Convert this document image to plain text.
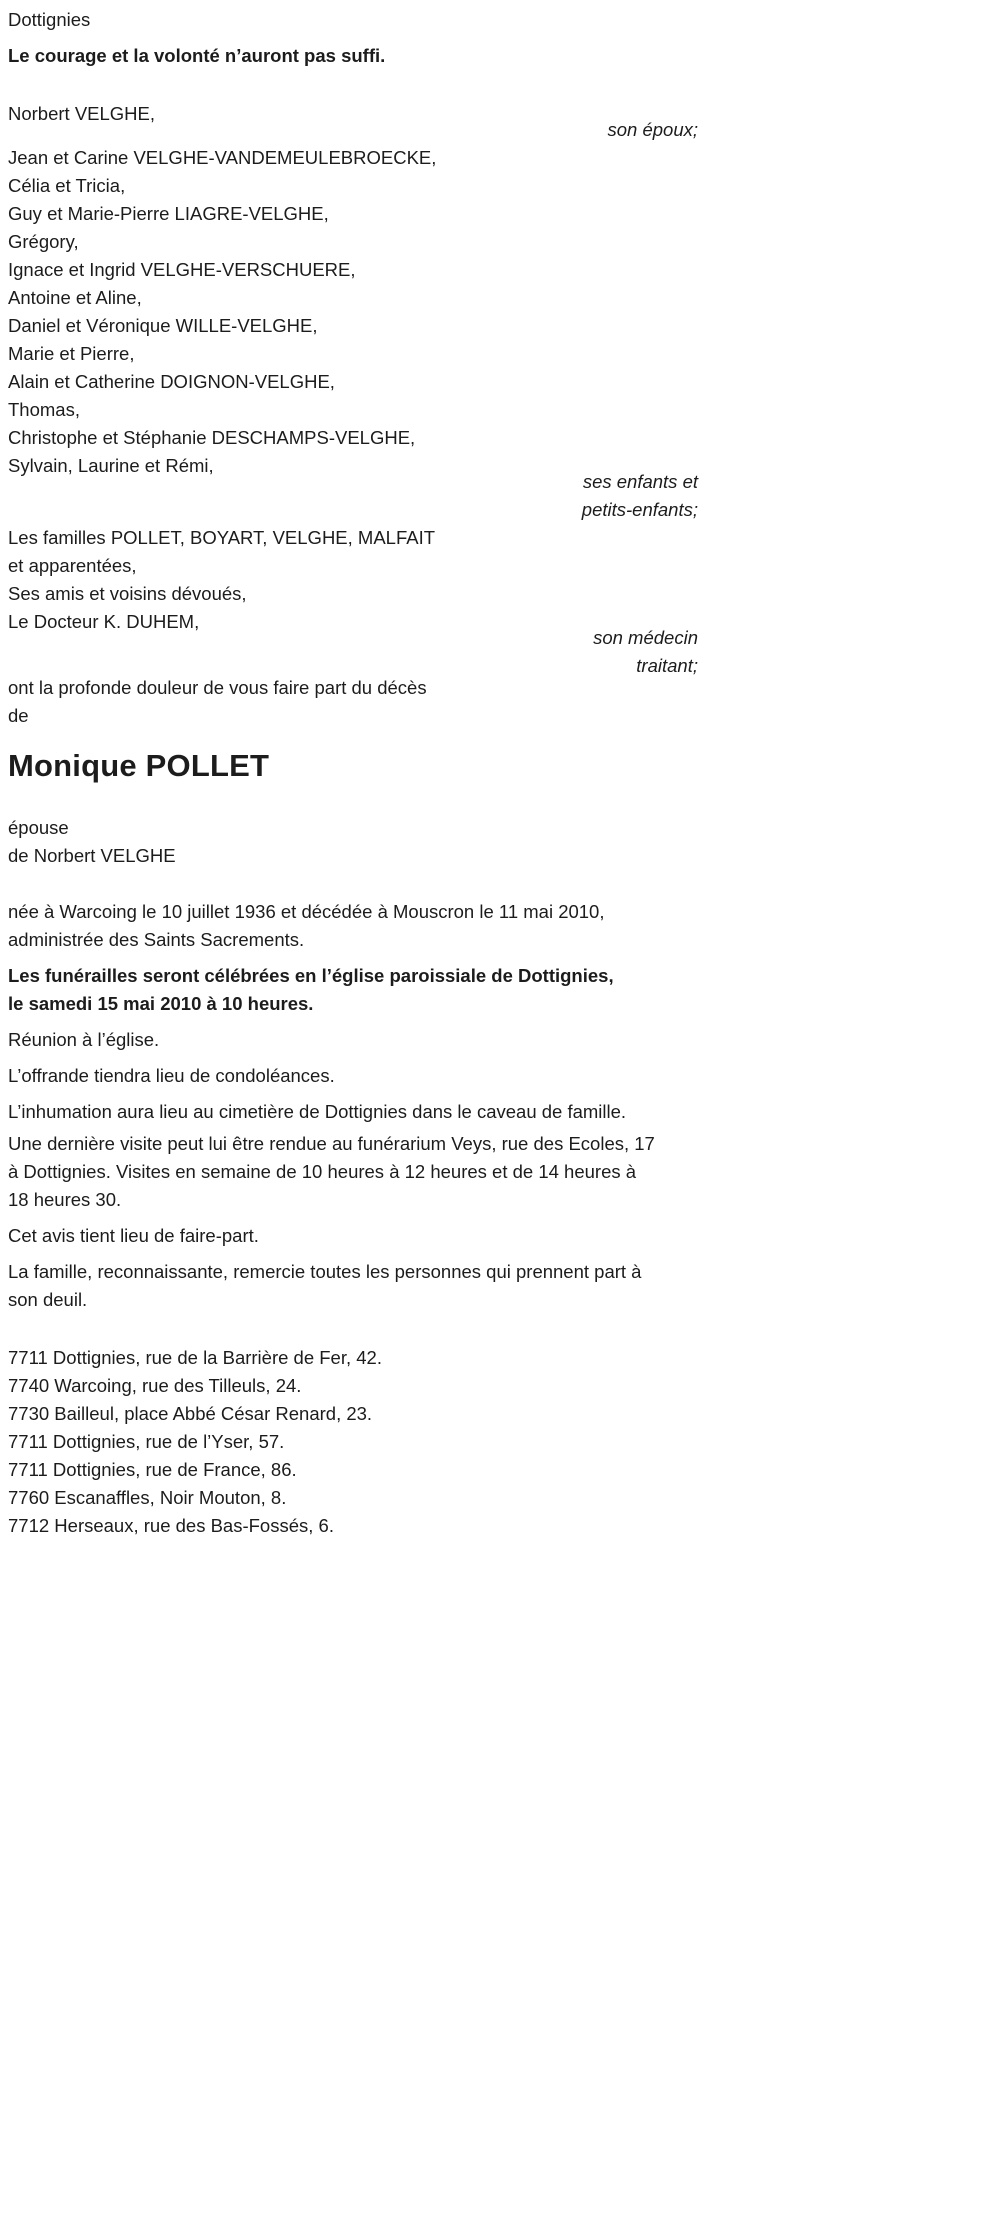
Dottignies

Le courage et la volonté n’auront pas suffi.

Norbert VELGHE,

son époux;
Jean et Carine VELGHE-VANDEMEULEBROECKE,
Célia et Tricia,
Guy et Marie-Pierre LIAGRE-VELGHE,
Grégory,
Ignace et Ingrid VELGHE-VERSCHUERE,
Antoine et Aline,
Daniel et Véronique WILLE-VELGHE,
Marie et Pierre,
Alain et Catherine DOIGNON-VELGHE,
Thomas,
Christophe et Stéphanie DESCHAMPS-VELGHE,
Sylvain, Laurine et Rémi,
ses enfants et
petits-enfants;
Les familles POLLET, BOYART, VELGHE, MALFAIT
et apparentées,
Ses amis et voisins dévoués,
Le Docteur K. DUHEM,
son médecin
traitant;
ont la profonde douleur de vous faire part du décès
de
Monique POLLET
épouse
de Norbert VELGHE

née à Warcoing le 10 juillet 1936 et décédée à Mouscron le 11 mai 2010, administrée des Saints Sacrements.

Les funérailles seront célébrées en l’église paroissiale de Dottignies,
le samedi 15 mai 2010 à 10 heures.

Réunion à l’église.

L’offrande tiendra lieu de condoléances.

L’inhumation aura lieu au cimetière de Dottignies dans le caveau de famille.

Une dernière visite peut lui être rendue au funérarium Veys, rue des Ecoles, 17 à Dottignies. Visites en semaine de 10 heures à 12 heures et de 14 heures à 18 heures 30.

Cet avis tient lieu de faire-part.

La famille, reconnaissante, remercie toutes les personnes qui prennent part à son deuil.

7711 Dottignies, rue de la Barrière de Fer, 42.
7740 Warcoing, rue des Tilleuls, 24.
7730 Bailleul, place Abbé César Renard, 23.
7711 Dottignies, rue de l’Yser, 57.
7711 Dottignies, rue de France, 86.
7760 Escanaffles, Noir Mouton, 8.
7712 Herseaux, rue des Bas-Fossés, 6.
